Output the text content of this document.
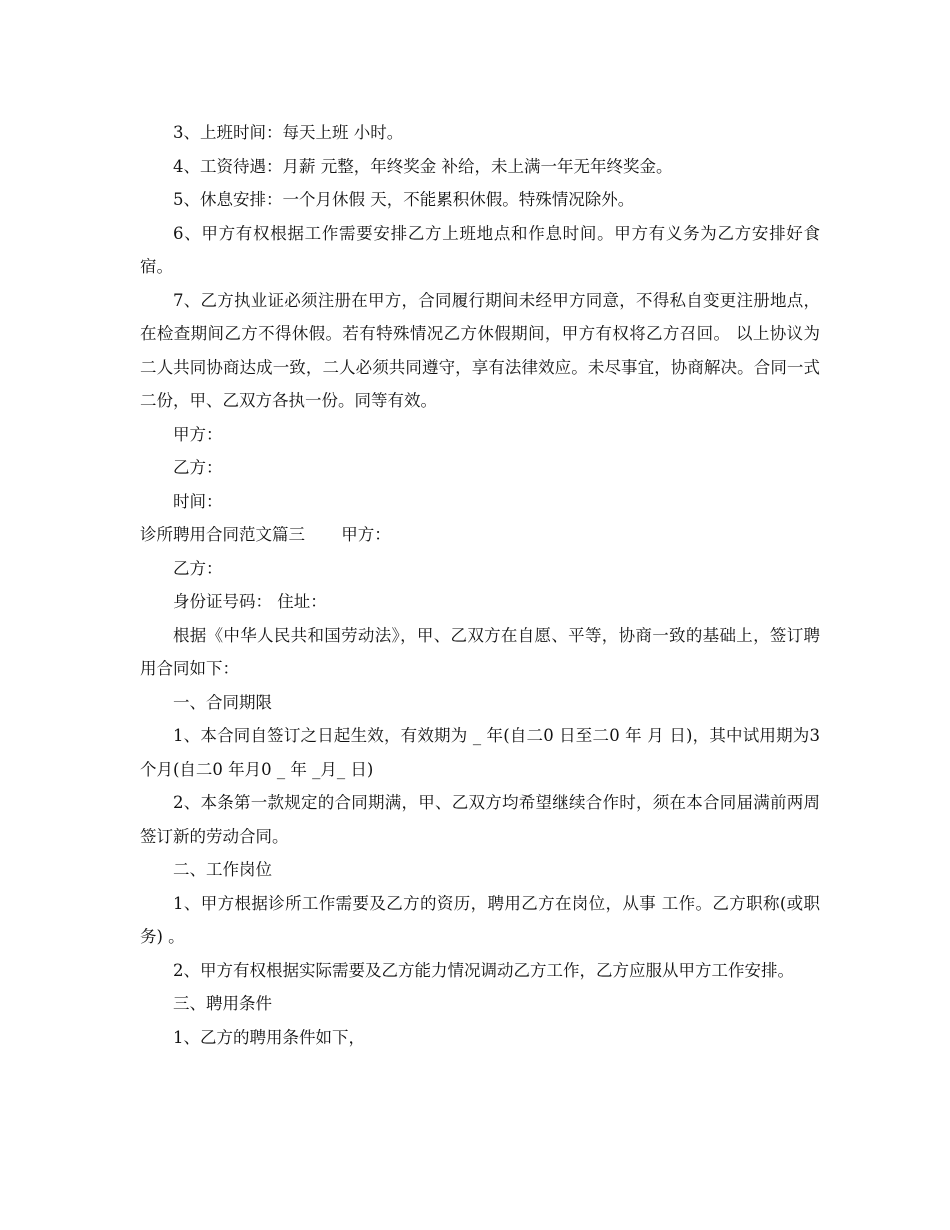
3、上班时间：每天上班 小时。

4、工资待遇：月薪 元整，年终奖金 补给，未上满一年无年终奖金。

5、休息安排：一个月休假 天，不能累积休假。特殊情况除外。

6、甲方有权根据工作需要安排乙方上班地点和作息时间。甲方有义务为乙方安排好食宿。

7、乙方执业证必须注册在甲方，合同履行期间未经甲方同意，不得私自变更注册地点，在检查期间乙方不得休假。若有特殊情况乙方休假期间，甲方有权将乙方召回。 以上协议为二人共同协商达成一致，二人必须共同遵守，享有法律效应。未尽事宜，协商解决。合同一式二份，甲、乙双方各执一份。同等有效。

甲方：

乙方：

时间：

诊所聘用合同范文篇三 甲方：

乙方：

身份证号码： 住址：

根据《中华人民共和国劳动法》，甲、乙双方在自愿、平等，协商一致的基础上，签订聘用合同如下：

一、合同期限

1、本合同自签订之日起生效，有效期为 _ 年(自二0 日至二0 年 月 日)，其中试用期为3个月(自二0 年月0 _ 年 _月_ 日)

2、本条第一款规定的合同期满，甲、乙双方均希望继续合作时，须在本合同届满前两周签订新的劳动合同。

二、工作岗位

1、甲方根据诊所工作需要及乙方的资历，聘用乙方在岗位，从事 工作。乙方职称(或职务) 。

2、甲方有权根据实际需要及乙方能力情况调动乙方工作，乙方应服从甲方工作安排。

三、聘用条件

1、乙方的聘用条件如下，
